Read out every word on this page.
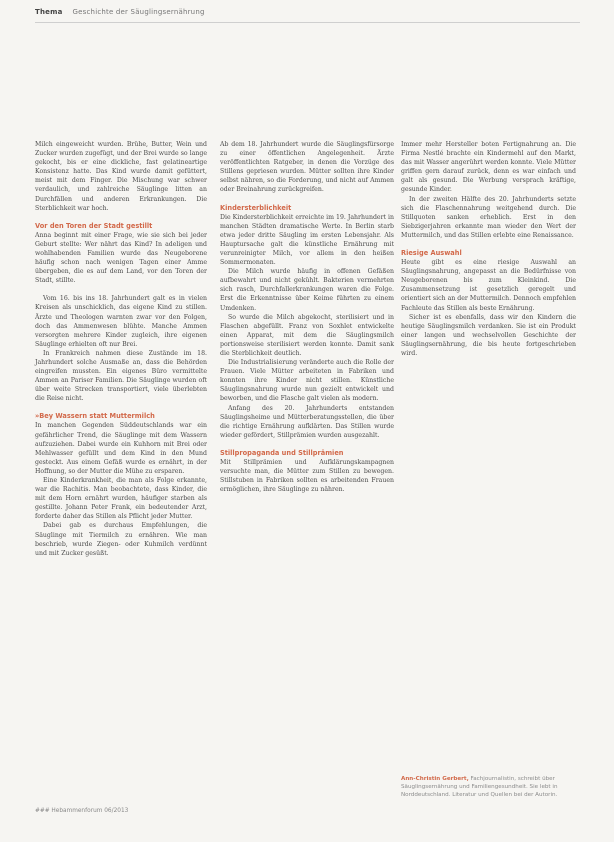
Thema Geschichte der Säuglingsernährung

Milch eingeweicht wurden. Brühe, Butter, Wein und Zucker wurden zugefügt, und der Brei wurde so lange gekocht, bis er eine dickliche, fast gelatineartige Konsistenz hatte. Das Kind wurde damit gefüttert, meist mit dem Finger. Die Mischung war schwer verdaulich, und zahlreiche Säuglinge litten an Durchfällen und anderen Erkrankungen. Die Sterblichkeit war hoch.

Vor den Toren der Stadt gestillt

Anna beginnt mit einer Frage, wie sie sich bei jeder Geburt stellte: Wer nährt das Kind? In adeligen und wohlhabenden Familien wurde das Neugeborene häufig schon nach wenigen Tagen einer Amme übergeben, die es auf dem Land, vor den Toren der Stadt, stillte.

Vom 16. bis ins 18. Jahrhundert galt es in vielen Kreisen als unschicklich, das eigene Kind zu stillen. Ärzte und Theologen warnten zwar vor den Folgen, doch das Ammenwesen blühte. Manche Ammen versorgten mehrere Kinder zugleich, ihre eigenen Säuglinge erhielten oft nur Brei.

In Frankreich nahmen diese Zustände im 18. Jahrhundert solche Ausmaße an, dass die Behörden eingreifen mussten. Ein eigenes Büro vermittelte Ammen an Pariser Familien. Die Säuglinge wurden oft über weite Strecken transportiert, viele überlebten die Reise nicht.

»Bey Wassern statt Muttermilch

In manchen Gegenden Süddeutschlands war ein gefährlicher Trend, die Säuglinge mit dem Wassern aufzuziehen. Dabei wurde ein Kuhhorn mit Brei oder Mehlwasser gefüllt und dem Kind in den Mund gesteckt. Aus einem Gefäß wurde es ernährt, in der Hoffnung, so der Mutter die Mühe zu ersparen.

Eine Kinderkrankheit, die man als Folge erkannte, war die Rachitis. Man beobachtete, dass Kinder, die mit dem Horn ernährt wurden, häufiger starben als gestillte. Johann Peter Frank, ein bedeutender Arzt, forderte daher das Stillen als Pflicht jeder Mutter.

Dabei gab es durchaus Empfehlungen, die Säuglinge mit Tiermilch zu ernähren. Wie man beschrieb, wurde Ziegen- oder Kuhmilch verdünnt und mit Zucker gesüßt.

Ab dem 18. Jahrhundert wurde die Säuglingsfürsorge zu einer öffentlichen Angelegenheit. Ärzte veröffentlichten Ratgeber, in denen die Vorzüge des Stillens gepriesen wurden. Mütter sollten ihre Kinder selbst nähren, so die Forderung, und nicht auf Ammen oder Breinahrung zurückgreifen.

Kindersterblichkeit

Die Kindersterblichkeit erreichte im 19. Jahrhundert in manchen Städten dramatische Werte. In Berlin starb etwa jeder dritte Säugling im ersten Lebensjahr. Als Hauptursache galt die künstliche Ernährung mit verunreinigter Milch, vor allem in den heißen Sommermonaten.

Die Milch wurde häufig in offenen Gefäßen aufbewahrt und nicht gekühlt. Bakterien vermehrten sich rasch, Durchfallerkrankungen waren die Folge. Erst die Erkenntnisse über Keime führten zu einem Umdenken.

So wurde die Milch abgekocht, sterilisiert und in Flaschen abgefüllt. Franz von Soxhlet entwickelte einen Apparat, mit dem die Säuglingsmilch portionsweise sterilisiert werden konnte. Damit sank die Sterblichkeit deutlich.

Die Industrialisierung veränderte auch die Rolle der Frauen. Viele Mütter arbeiteten in Fabriken und konnten ihre Kinder nicht stillen. Künstliche Säuglingsnahrung wurde nun gezielt entwickelt und beworben, und die Flasche galt vielen als modern.

Anfang des 20. Jahrhunderts entstanden Säuglingsheime und Mütterberatungsstellen, die über die richtige Ernährung aufklärten. Das Stillen wurde wieder gefördert, Stillprämien wurden ausgezahlt.

Stillpropaganda und Stillprämien

Mit Stillprämien und Aufklärungskampagnen versuchte man, die Mütter zum Stillen zu bewegen. Stillstuben in Fabriken sollten es arbeitenden Frauen ermöglichen, ihre Säuglinge zu nähren.

Immer mehr Hersteller boten Fertignahrung an. Die Firma Nestlé brachte ein Kindermehl auf den Markt, das mit Wasser angerührt werden konnte. Viele Mütter griffen gern darauf zurück, denn es war einfach und galt als gesund. Die Werbung versprach kräftige, gesunde Kinder.

In der zweiten Hälfte des 20. Jahrhunderts setzte sich die Flaschennahrung weitgehend durch. Die Stillquoten sanken erheblich. Erst in den Siebzigerjahren erkannte man wieder den Wert der Muttermilch, und das Stillen erlebte eine Renaissance.

Riesige Auswahl

Heute gibt es eine riesige Auswahl an Säuglingsnahrung, angepasst an die Bedürfnisse von Neugeborenen bis zum Kleinkind. Die Zusammensetzung ist gesetzlich geregelt und orientiert sich an der Muttermilch. Dennoch empfehlen Fachleute das Stillen als beste Ernährung.

Sicher ist es ebenfalls, dass wir den Kindern die heutige Säuglingsmilch verdanken. Sie ist ein Produkt einer langen und wechselvollen Geschichte der Säuglingsernährung, die bis heute fortgeschrieben wird.

Ann-Christin Gerbert, Fachjournalistin, schreibt über Säuglingsernährung und Familiengesundheit. Sie lebt in Norddeutschland. Literatur und Quellen bei der Autorin.
### Hebammenforum 06/2013
